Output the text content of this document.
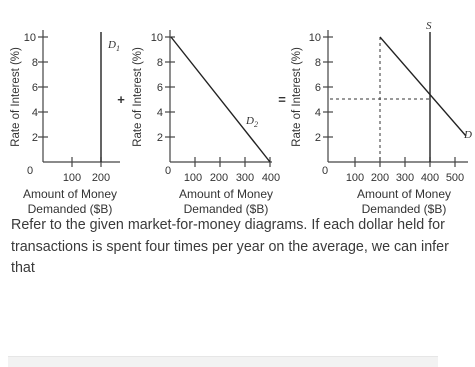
Rate of Interest (%)
10
8
6
4
2
0
100 200
Amount of Money
Demanded ($B)
$D_1$
+ Rate of Interest (%)
10
8
6
4
2
0
100 200 300 400
Amount of Money
Demanded ($B)
$D_2$
= Rate of Interest (%)
10
8
6
4
2
0
100 200 300 400 500
Amount of Money
Demanded ($B)
S
D

Refer to the given market-for-money diagrams. If each dollar held for transactions is spent four times per year on the average, we can infer that
